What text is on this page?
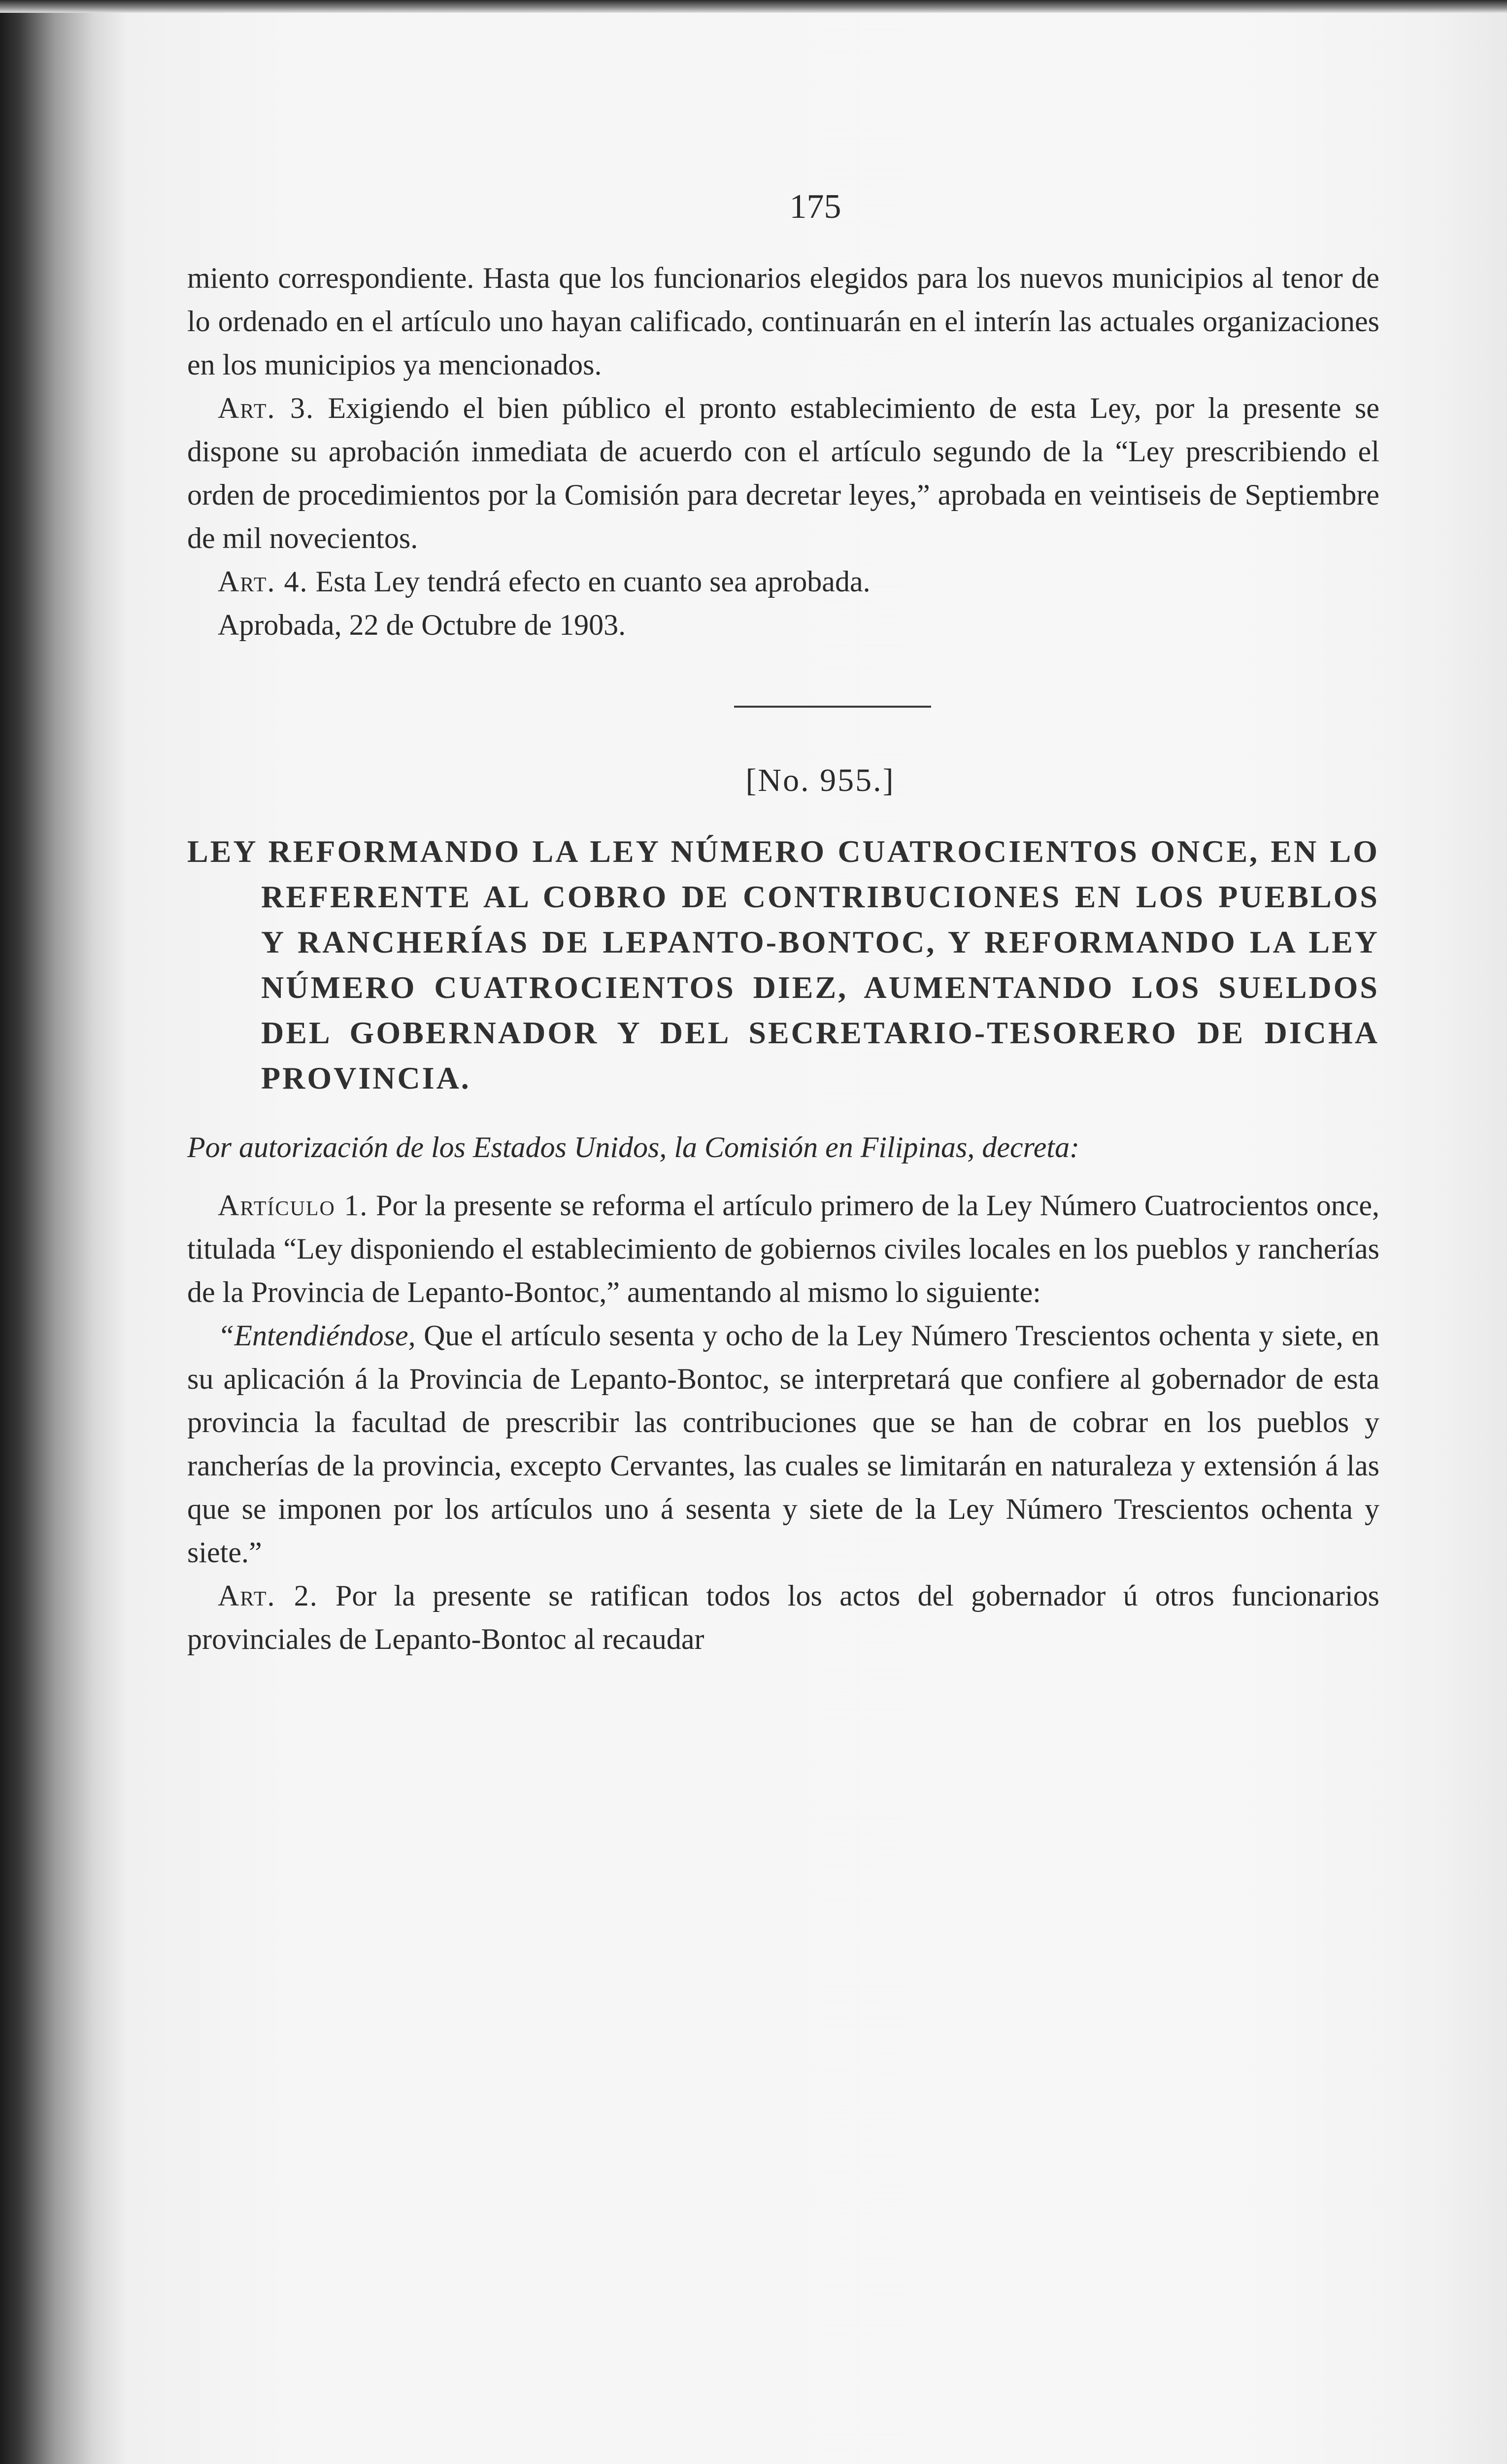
175

miento correspondiente. Hasta que los funcionarios elegidos para los nuevos municipios al tenor de lo ordenado en el artículo uno hayan calificado, continuarán en el interín las actuales organizaciones en los municipios ya mencionados.

Art. 3. Exigiendo el bien público el pronto establecimiento de esta Ley, por la presente se dispone su aprobación inmediata de acuerdo con el artículo segundo de la “Ley prescribiendo el orden de procedimientos por la Comisión para decretar leyes,” aprobada en veintiseis de Septiembre de mil novecientos.

Art. 4. Esta Ley tendrá efecto en cuanto sea aprobada.

Aprobada, 22 de Octubre de 1903.

[No. 955.]

LEY REFORMANDO LA LEY NÚMERO CUATROCIENTOS ONCE, EN LO REFERENTE AL COBRO DE CONTRIBUCIONES EN LOS PUEBLOS Y RANCHERÍAS DE LEPANTO-BONTOC, Y REFORMANDO LA LEY NÚMERO CUATROCIENTOS DIEZ, AUMENTANDO LOS SUELDOS DEL GOBERNADOR Y DEL SECRETARIO-TESORERO DE DICHA PROVINCIA.

Por autorización de los Estados Unidos, la Comisión en Filipinas, decreta:

Artículo 1. Por la presente se reforma el artículo primero de la Ley Número Cuatrocientos once, titulada “Ley disponiendo el establecimiento de gobiernos civiles locales en los pueblos y rancherías de la Provincia de Lepanto-Bontoc,” aumentando al mismo lo siguiente:

“Entendiéndose, Que el artículo sesenta y ocho de la Ley Número Trescientos ochenta y siete, en su aplicación á la Provincia de Lepanto-Bontoc, se interpretará que confiere al gobernador de esta provincia la facultad de prescribir las contribuciones que se han de cobrar en los pueblos y rancherías de la provincia, excepto Cervantes, las cuales se limitarán en naturaleza y extensión á las que se imponen por los artículos uno á sesenta y siete de la Ley Número Trescientos ochenta y siete.”

Art. 2. Por la presente se ratifican todos los actos del gobernador ú otros funcionarios provinciales de Lepanto-Bontoc al recaudar
